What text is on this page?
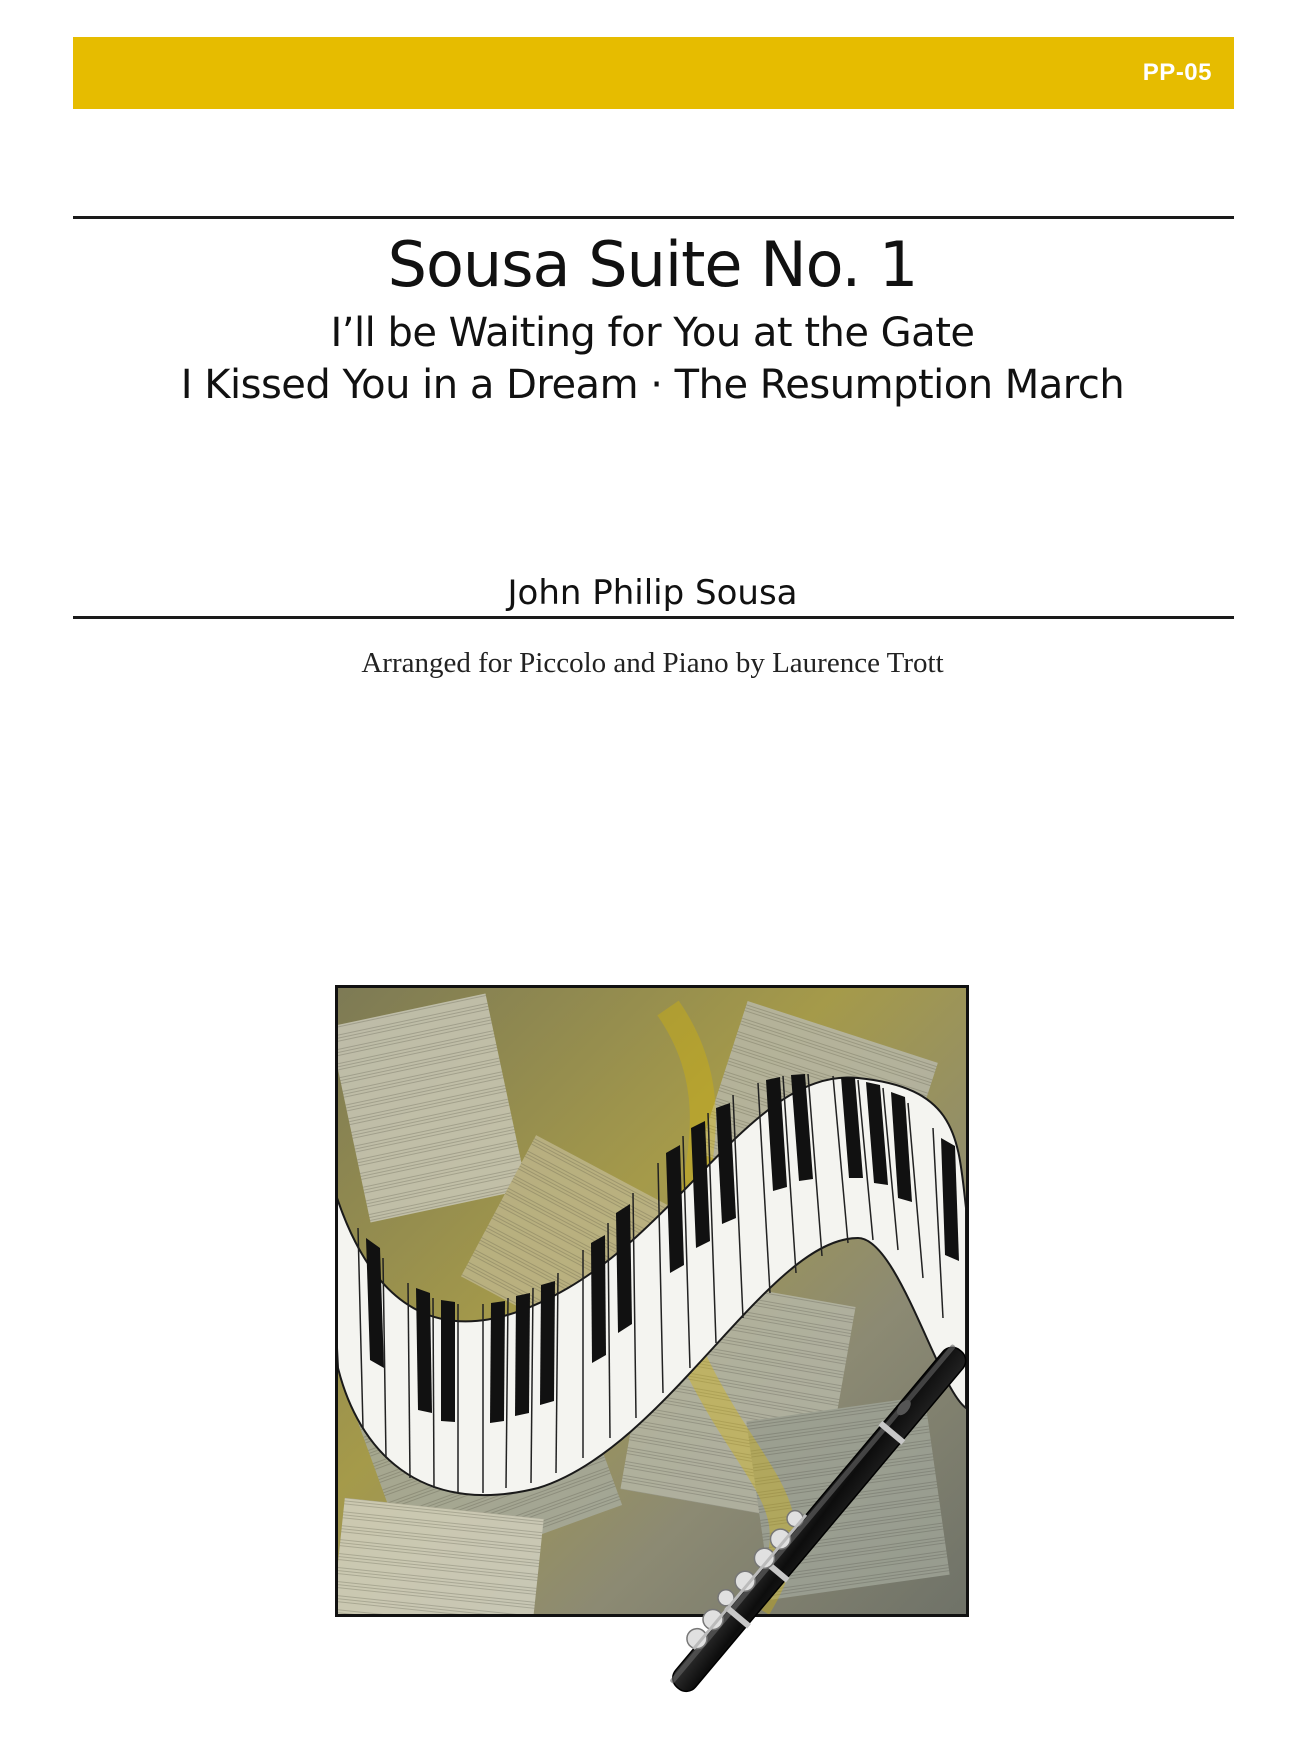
PP-05
Sousa Suite No. 1
I’ll be Waiting for You at the Gate
I Kissed You in a Dream · The Resumption March
John Philip Sousa
Arranged for Piccolo and Piano by Laurence Trott
